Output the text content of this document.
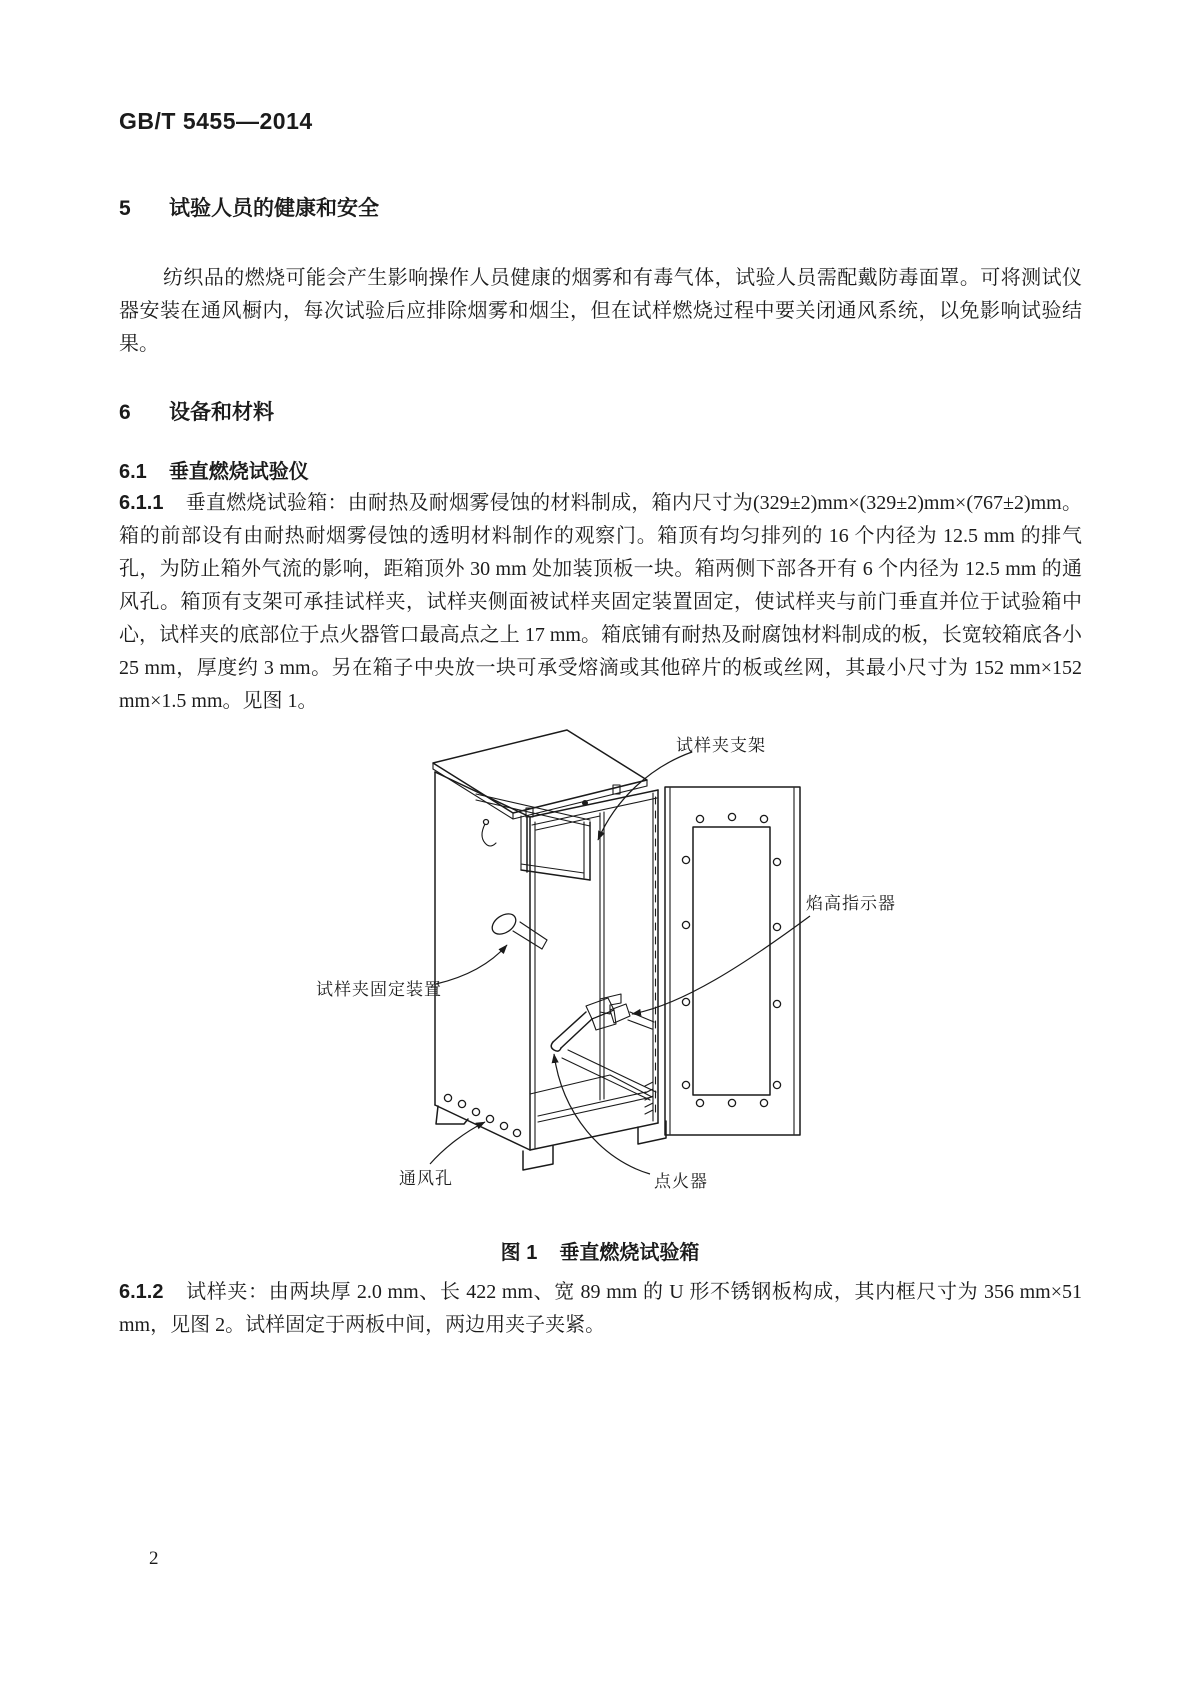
GB/T 5455—2014
5 试验人员的健康和安全
纺织品的燃烧可能会产生影响操作人员健康的烟雾和有毒气体，试验人员需配戴防毒面罩。可将测试仪器安装在通风橱内，每次试验后应排除烟雾和烟尘，但在试样燃烧过程中要关闭通风系统，以免影响试验结果。
6 设备和材料
6.1 垂直燃烧试验仪
6.1.1 垂直燃烧试验箱：由耐热及耐烟雾侵蚀的材料制成，箱内尺寸为(329±2)mm×(329±2)mm×(767±2)mm。箱的前部设有由耐热耐烟雾侵蚀的透明材料制作的观察门。箱顶有均匀排列的 16 个内径为 12.5 mm 的排气孔，为防止箱外气流的影响，距箱顶外 30 mm 处加装顶板一块。箱两侧下部各开有 6 个内径为 12.5 mm 的通风孔。箱顶有支架可承挂试样夹，试样夹侧面被试样夹固定装置固定，使试样夹与前门垂直并位于试验箱中心，试样夹的底部位于点火器管口最高点之上 17 mm。箱底铺有耐热及耐腐蚀材料制成的板，长宽较箱底各小 25 mm，厚度约 3 mm。另在箱子中央放一块可承受熔滴或其他碎片的板或丝网，其最小尺寸为 152 mm×152 mm×1.5 mm。见图 1。
试样夹支架
焰高指示器
试样夹固定装置
通风孔	点火器
图 1 垂直燃烧试验箱
6.1.2 试样夹：由两块厚 2.0 mm、长 422 mm、宽 89 mm 的 U 形不锈钢板构成，其内框尺寸为 356 mm×51 mm，见图 2。试样固定于两板中间，两边用夹子夹紧。
2
